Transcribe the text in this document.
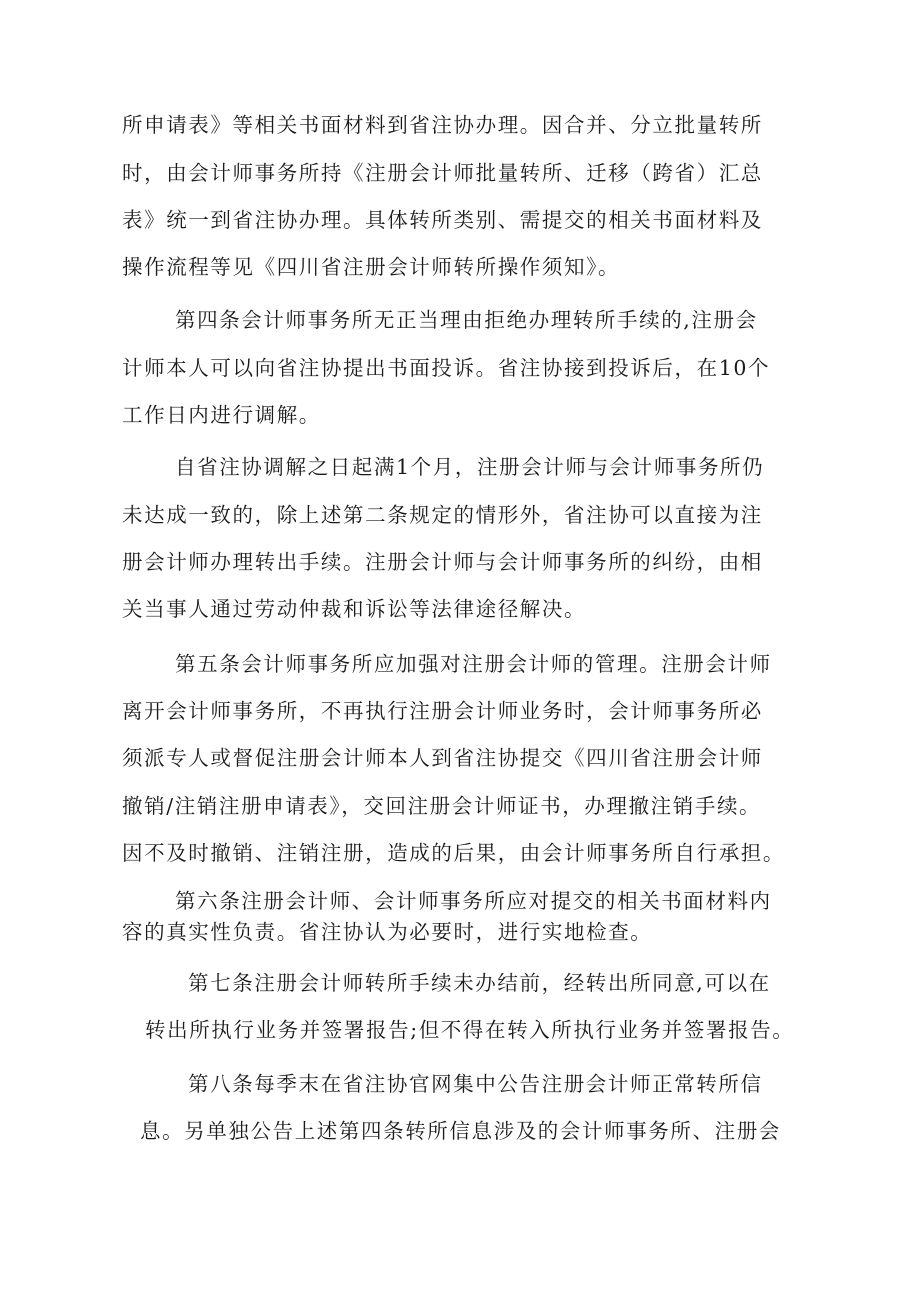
所申请表》等相关书面材料到省注协办理。因合并、分立批量转所
时，由会计师事务所持《注册会计师批量转所、迁移（跨省）汇总
表》统一到省注协办理。具体转所类别、需提交的相关书面材料及
操作流程等见《四川省注册会计师转所操作须知》。
第四条会计师事务所无正当理由拒绝办理转所手续的,注册会
计师本人可以向省注协提出书面投诉。省注协接到投诉后，在10个
工作日内进行调解。
自省注协调解之日起满1个月，注册会计师与会计师事务所仍
未达成一致的，除上述第二条规定的情形外，省注协可以直接为注
册会计师办理转出手续。注册会计师与会计师事务所的纠纷，由相
关当事人通过劳动仲裁和诉讼等法律途径解决。
第五条会计师事务所应加强对注册会计师的管理。注册会计师
离开会计师事务所，不再执行注册会计师业务时，会计师事务所必
须派专人或督促注册会计师本人到省注协提交《四川省注册会计师
撤销/注销注册申请表》，交回注册会计师证书，办理撤注销手续。
因不及时撤销、注销注册，造成的后果，由会计师事务所自行承担。
第六条注册会计师、会计师事务所应对提交的相关书面材料内
容的真实性负责。省注协认为必要时，进行实地检查。
第七条注册会计师转所手续未办结前，经转出所同意,可以在
转出所执行业务并签署报告;但不得在转入所执行业务并签署报告。
第八条每季末在省注协官网集中公告注册会计师正常转所信
息。另单独公告上述第四条转所信息涉及的会计师事务所、注册会
